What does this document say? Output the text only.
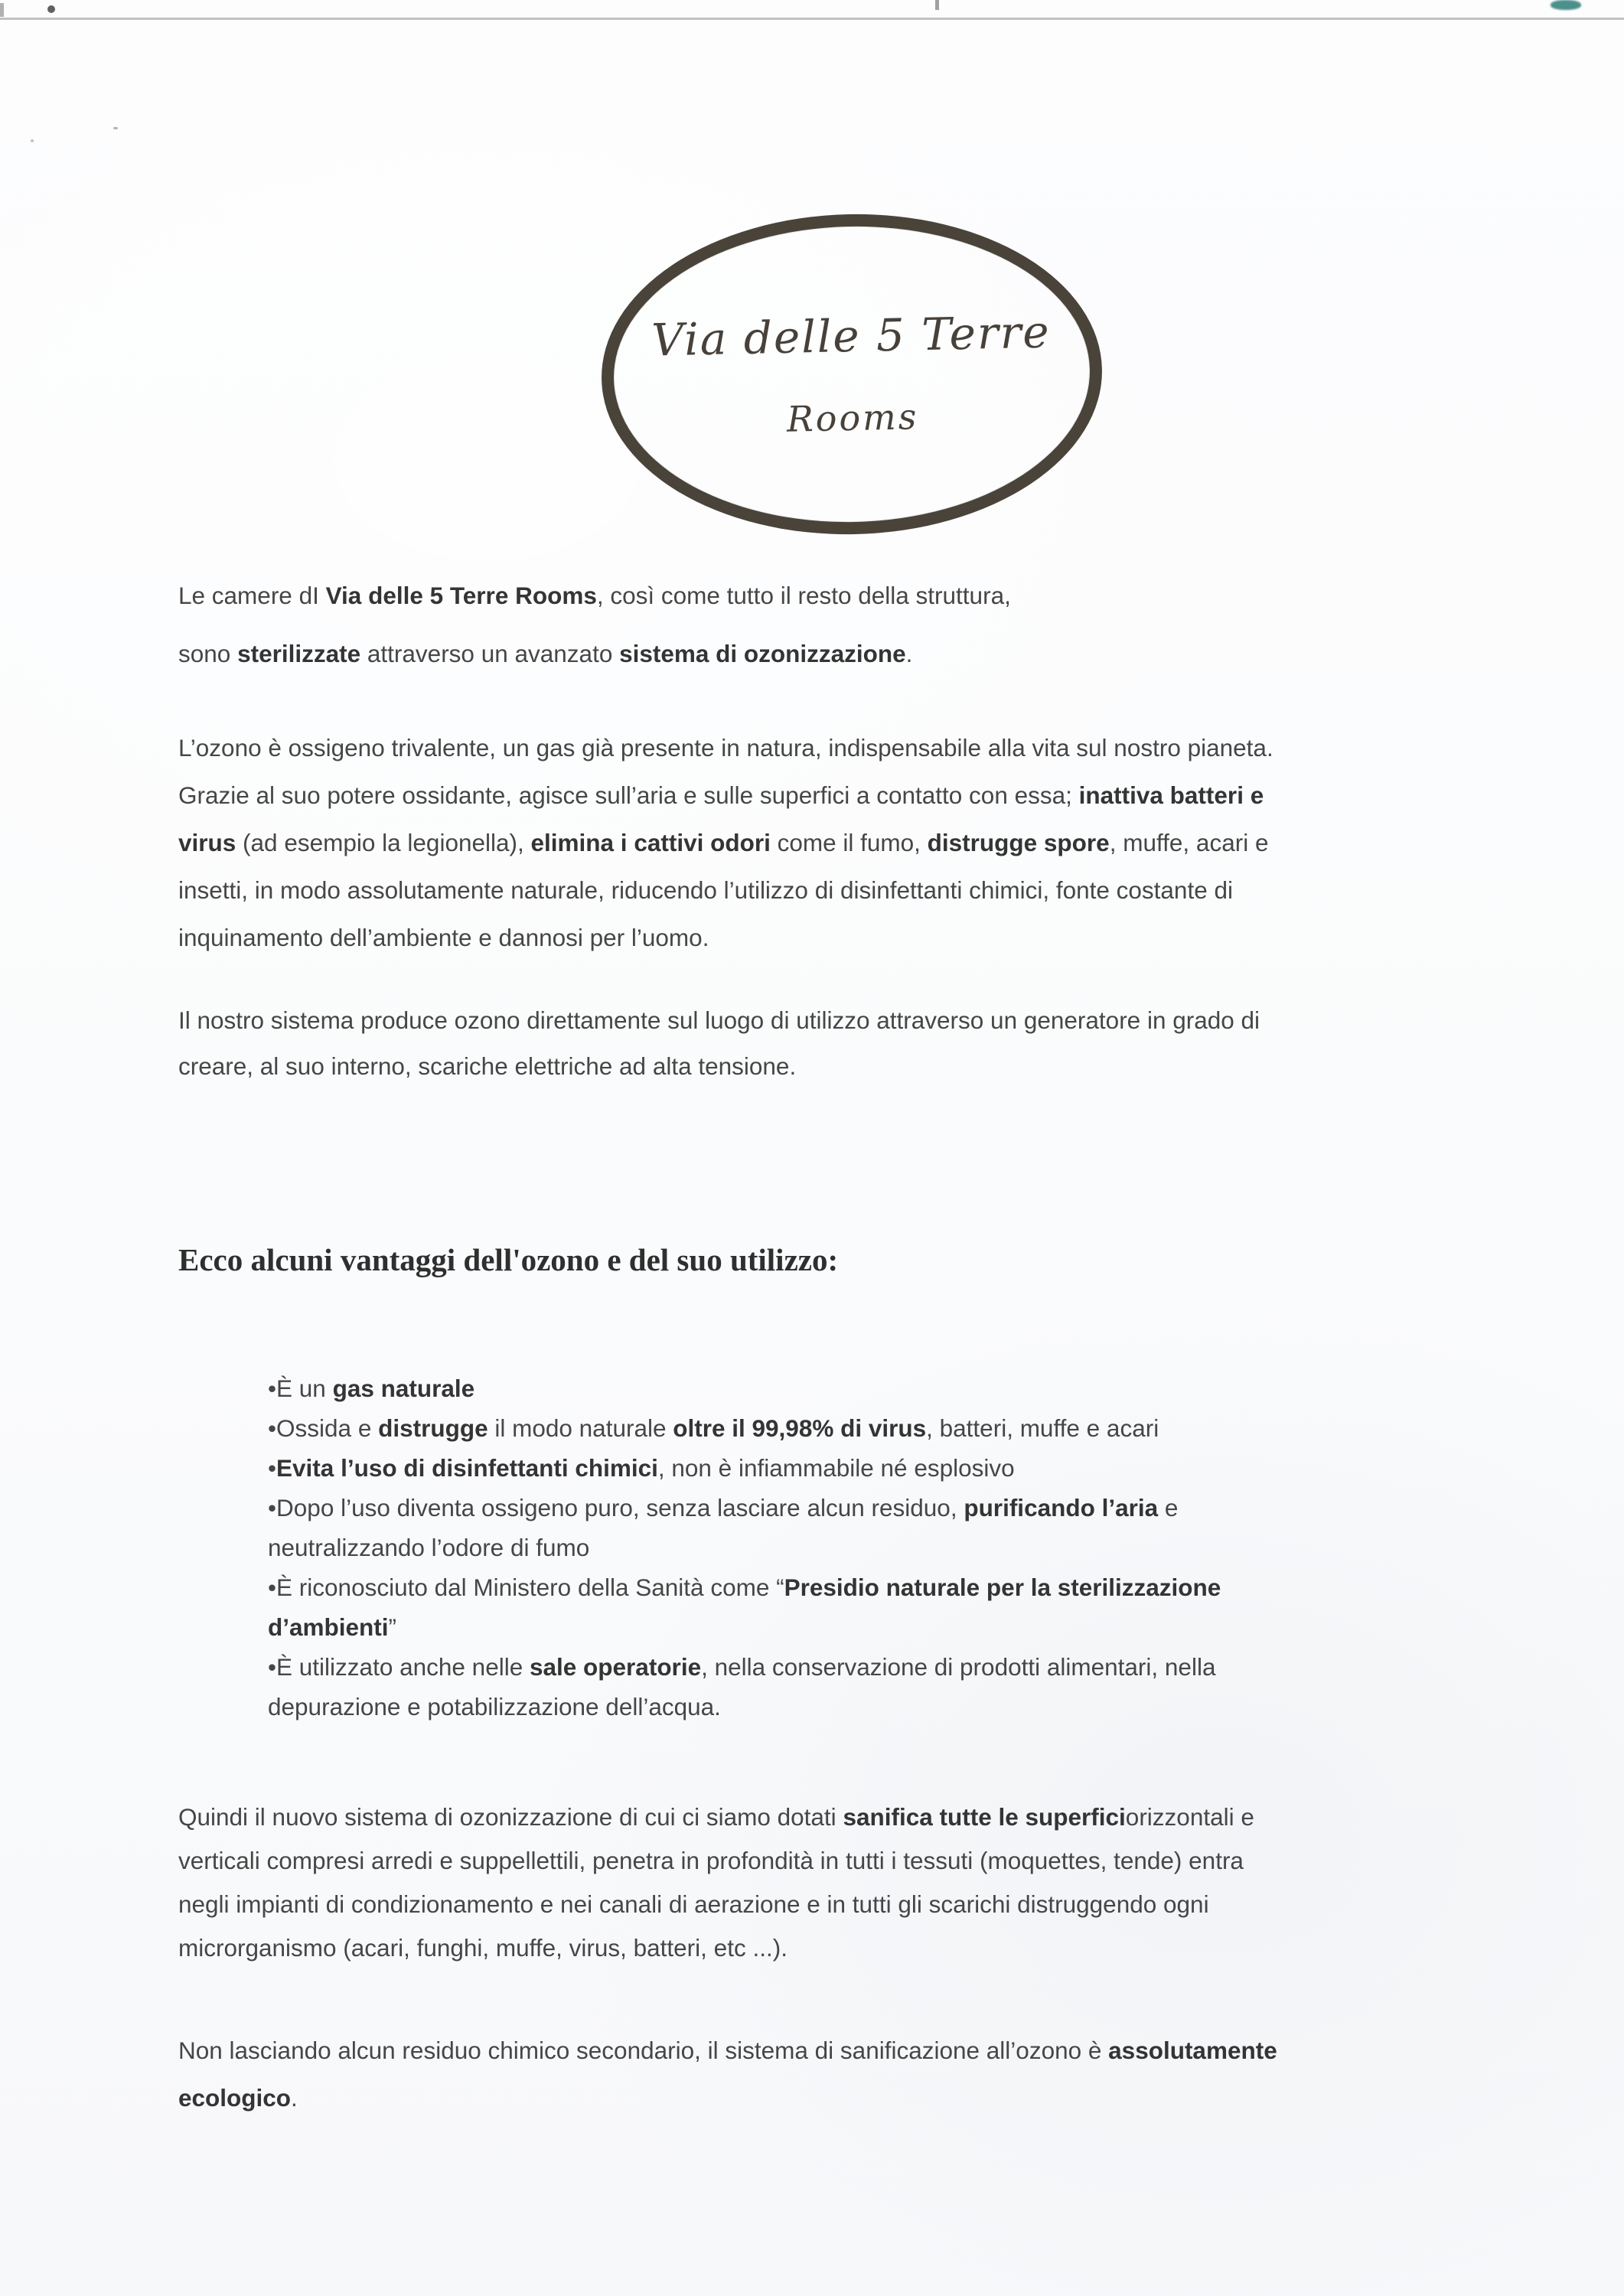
Via delle 5 Terre
Rooms
Le camere dI Via delle 5 Terre Rooms, così come tutto il resto della struttura,
sono sterilizzate attraverso un avanzato sistema di ozonizzazione.
L’ozono è ossigeno trivalente, un gas già presente in natura, indispensabile alla vita sul nostro pianeta.
Grazie al suo potere ossidante, agisce sull’aria e sulle superfici a contatto con essa; inattiva batteri e
virus (ad esempio la legionella), elimina i cattivi odori come il fumo, distrugge spore, muffe, acari e
insetti, in modo assolutamente naturale, riducendo l’utilizzo di disinfettanti chimici, fonte costante di
inquinamento dell’ambiente e dannosi per l’uomo.
Il nostro sistema produce ozono direttamente sul luogo di utilizzo attraverso un generatore in grado di
creare, al suo interno, scariche elettriche ad alta tensione.
Ecco alcuni vantaggi dell'ozono e del suo utilizzo:
•È un gas naturale
•Ossida e distrugge il modo naturale oltre il 99,98% di virus, batteri, muffe e acari
•Evita l’uso di disinfettanti chimici, non è infiammabile né esplosivo
•Dopo l’uso diventa ossigeno puro, senza lasciare alcun residuo, purificando l’aria e
neutralizzando l’odore di fumo
•È riconosciuto dal Ministero della Sanità come “Presidio naturale per la sterilizzazione
d’ambienti”
•È utilizzato anche nelle sale operatorie, nella conservazione di prodotti alimentari, nella
depurazione e potabilizzazione dell’acqua.
Quindi il nuovo sistema di ozonizzazione di cui ci siamo dotati sanifica tutte le superficiorizzontali e
verticali compresi arredi e suppellettili, penetra in profondità in tutti i tessuti (moquettes, tende) entra
negli impianti di condizionamento e nei canali di aerazione e in tutti gli scarichi distruggendo ogni
microrganismo (acari, funghi, muffe, virus, batteri, etc ...).
Non lasciando alcun residuo chimico secondario, il sistema di sanificazione all’ozono è assolutamente
ecologico.
